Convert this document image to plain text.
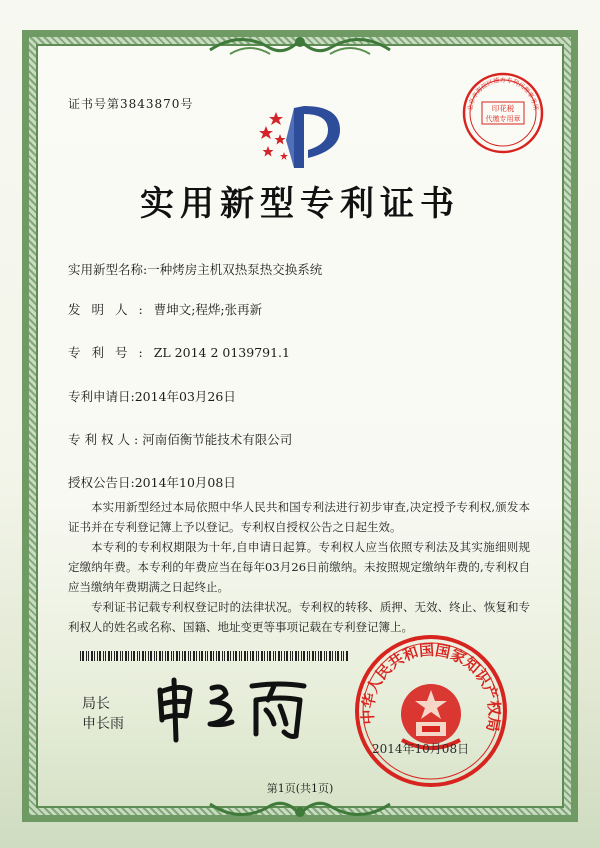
证书号第3843870号	印花税
代缴专用章
北京市海淀区德方专利代理事务所
实用新型专利证书
实用新型名称:一种烤房主机双热泵热交换系统
发明人:曹坤文;程烨;张再新
专利号:ZL 2014 2 0139791.1
专利申请日:2014年03月26日
专利权人:河南佰衡节能技术有限公司
授权公告日:2014年10月08日
本实用新型经过本局依照中华人民共和国专利法进行初步审查,决定授予专利权,颁发本证书并在专利登记簿上予以登记。专利权自授权公告之日起生效。
本专利的专利权期限为十年,自申请日起算。专利权人应当依照专利法及其实施细则规定缴纳年费。本专利的年费应当在每年03月26日前缴纳。未按照规定缴纳年费的,专利权自应当缴纳年费期满之日起终止。
专利证书记载专利权登记时的法律状况。专利权的转移、质押、无效、终止、恢复和专利权人的姓名或名称、国籍、地址变更等事项记载在专利登记簿上。
局长
申长雨	中华人民共和国国家知识产权局
2014年10月08日
第1页(共1页)
